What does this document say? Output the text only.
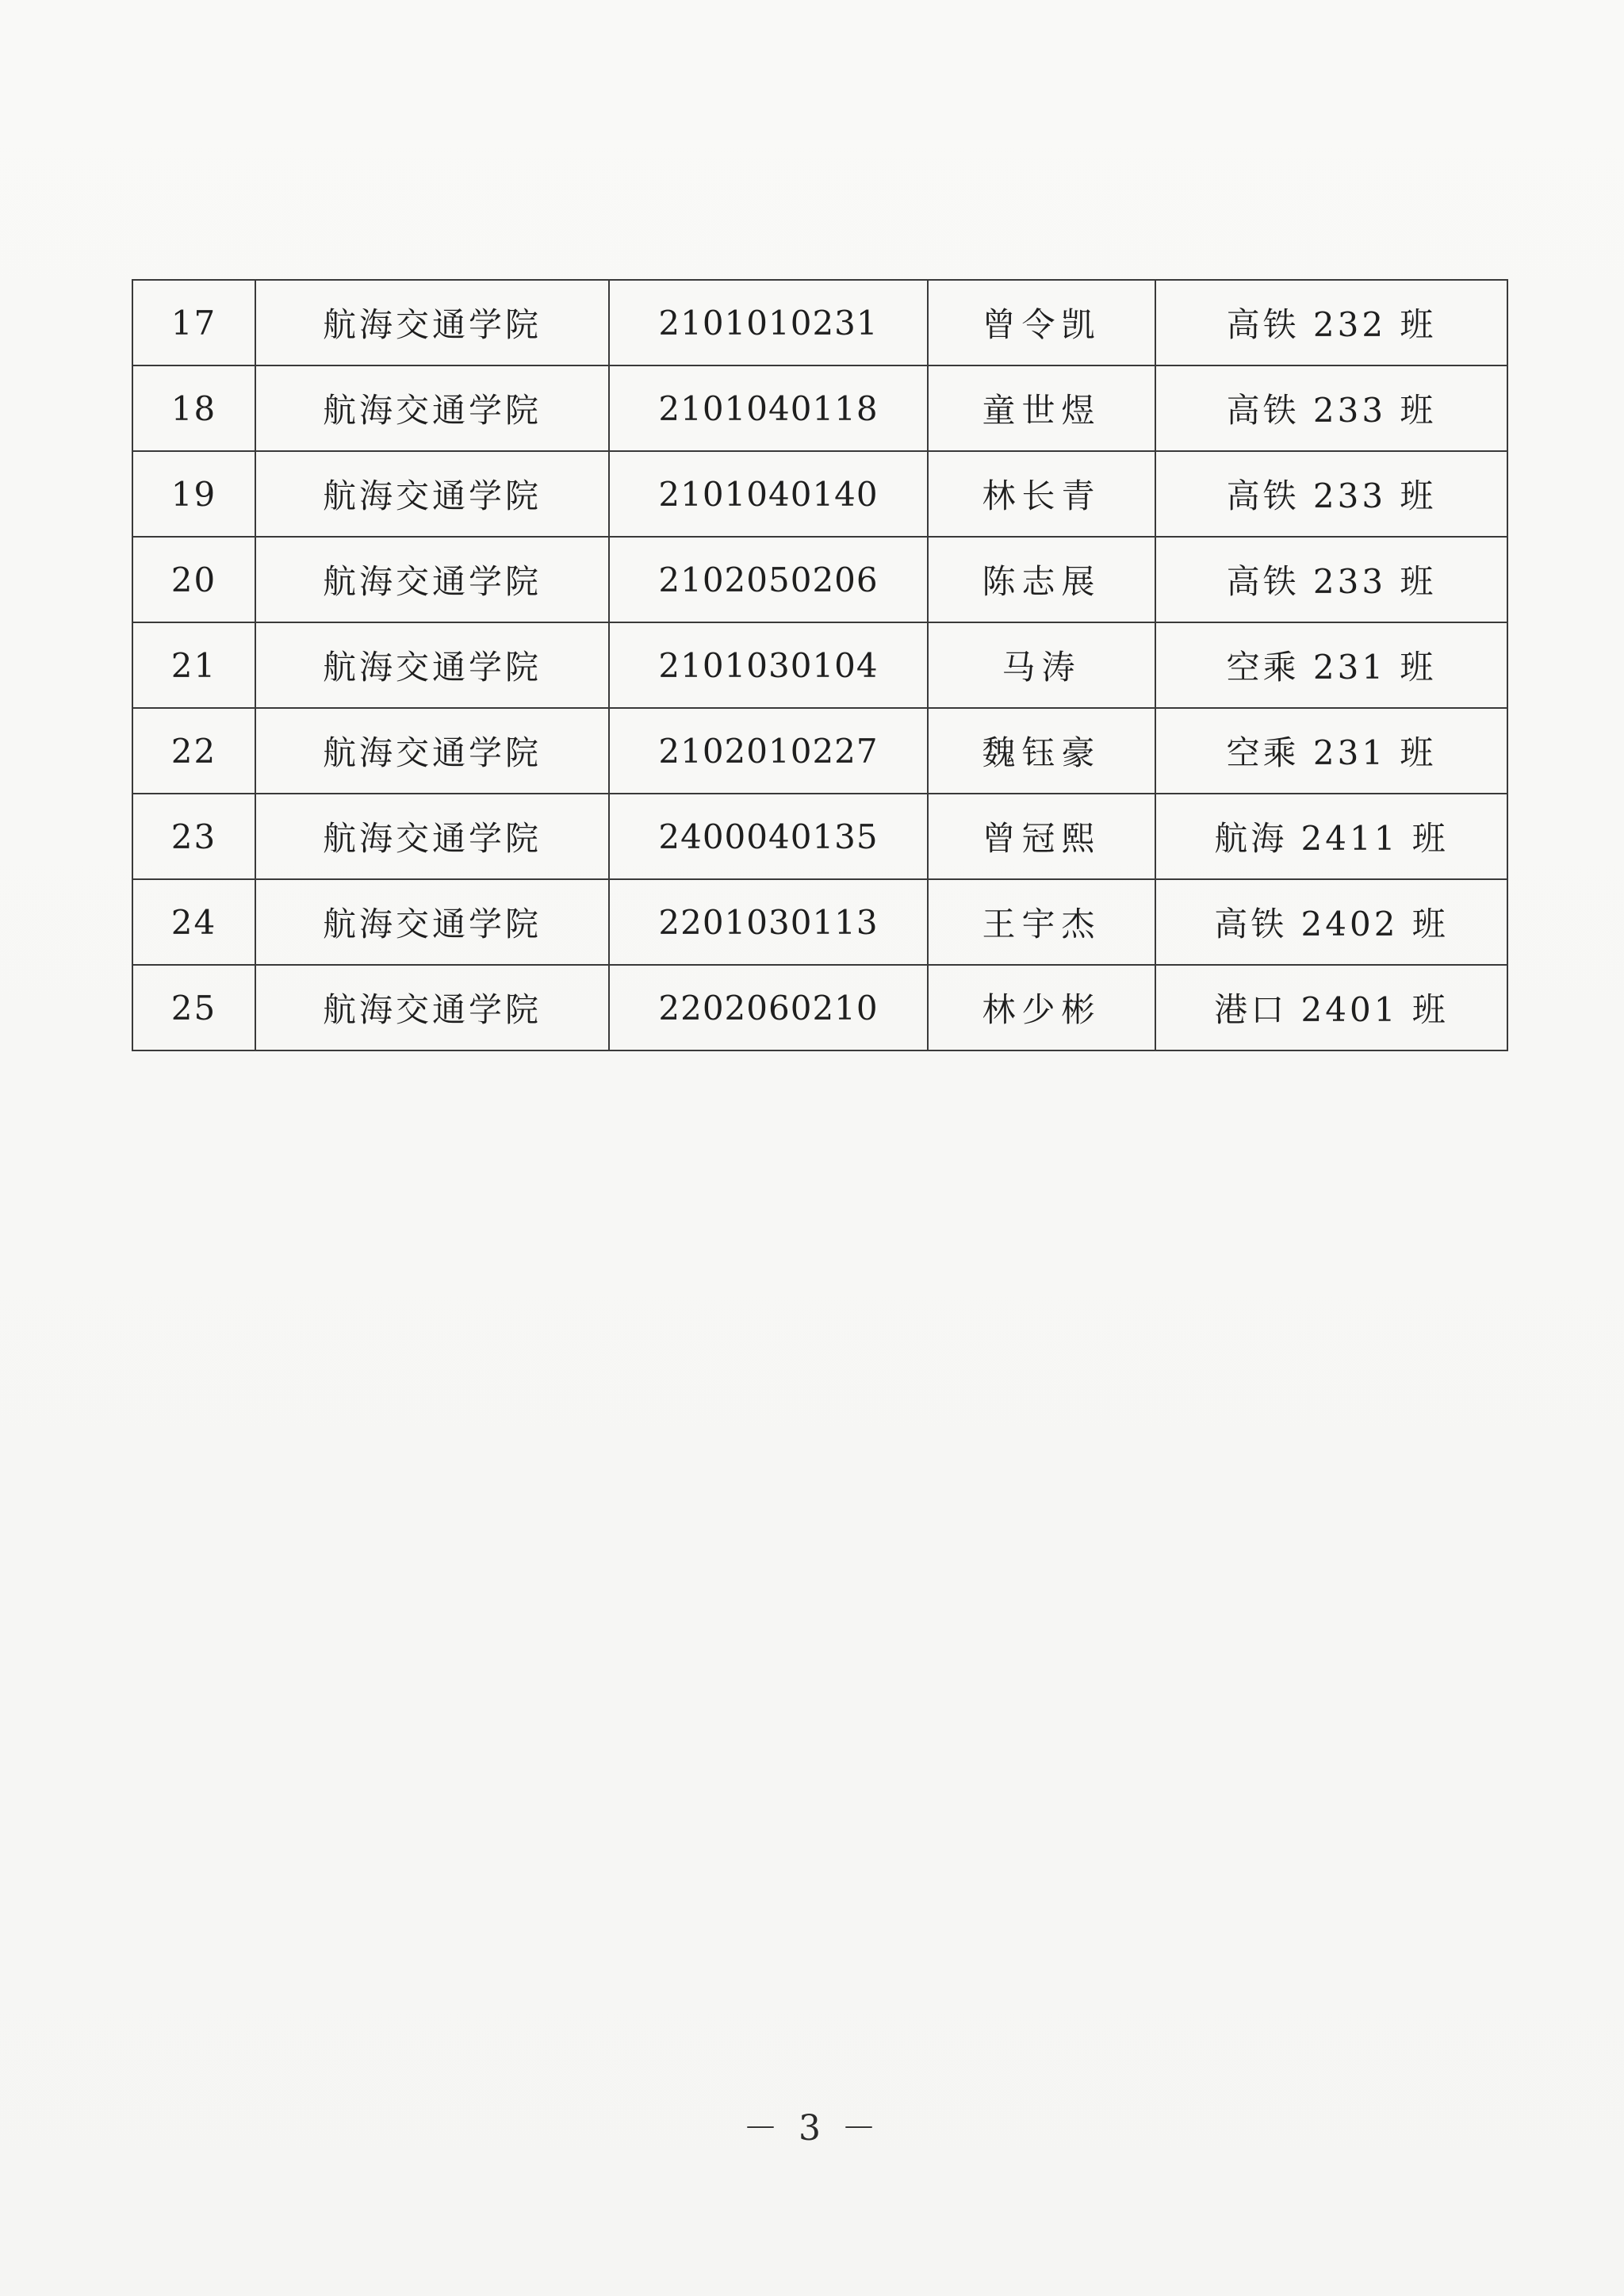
17	航海交通学院	2101010231	曾令凯	高铁 232 班
18	航海交通学院	2101040118	童世煜	高铁 233 班
19	航海交通学院	2101040140	林长青	高铁 233 班
20	航海交通学院	2102050206	陈志展	高铁 233 班
21	航海交通学院	2101030104	马涛	空乘 231 班
22	航海交通学院	2102010227	魏钰豪	空乘 231 班
23	航海交通学院	2400040135	曾冠熙	航海 2411 班
24	航海交通学院	2201030113	王宇杰	高铁 2402 班
25	航海交通学院	2202060210	林少彬	港口 2401 班
－ 3 －
